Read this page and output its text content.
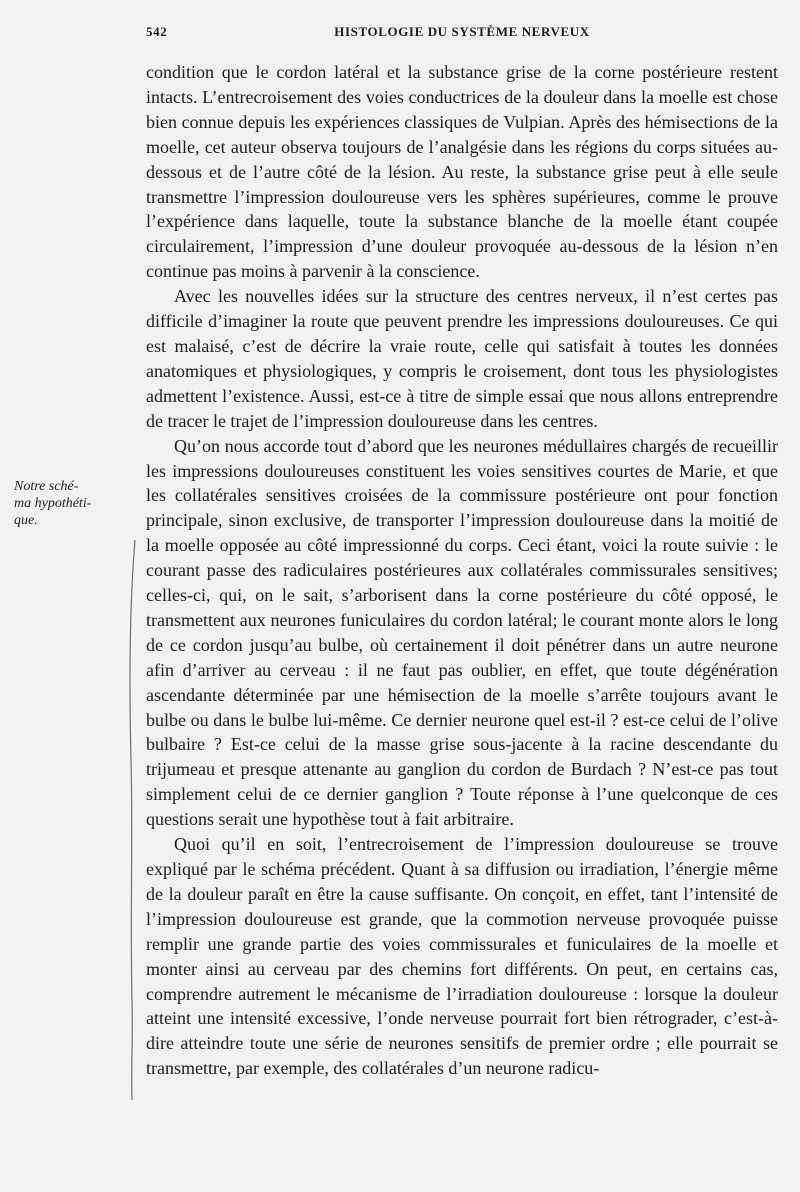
542	HISTOLOGIE DU SYSTÈME NERVEUX
Notre sché-
ma hypothéti-
que.

condition que le cordon latéral et la substance grise de la corne postérieure restent intacts. L’entrecroisement des voies conductrices de la douleur dans la moelle est chose bien connue depuis les expériences classiques de Vulpian. Après des hémisections de la moelle, cet auteur observa toujours de l’analgésie dans les régions du corps situées au-dessous et de l’autre côté de la lésion. Au reste, la substance grise peut à elle seule transmettre l’impression douloureuse vers les sphères supérieures, comme le prouve l’expérience dans laquelle, toute la substance blanche de la moelle étant coupée circulairement, l’impression d’une douleur provoquée au-dessous de la lésion n’en continue pas moins à parvenir à la conscience.

Avec les nouvelles idées sur la structure des centres nerveux, il n’est certes pas difficile d’imaginer la route que peuvent prendre les impressions douloureuses. Ce qui est malaisé, c’est de décrire la vraie route, celle qui satisfait à toutes les données anatomiques et physiologiques, y compris le croisement, dont tous les physiologistes admettent l’existence. Aussi, est-ce à titre de simple essai que nous allons entreprendre de tracer le trajet de l’impression douloureuse dans les centres.

Qu’on nous accorde tout d’abord que les neurones médullaires chargés de recueillir les impressions douloureuses constituent les voies sensitives courtes de Marie, et que les collatérales sensitives croisées de la commissure postérieure ont pour fonction principale, sinon exclusive, de transporter l’impression douloureuse dans la moitié de la moelle opposée au côté impressionné du corps. Ceci étant, voici la route suivie : le courant passe des radiculaires postérieures aux collatérales commissurales sensitives; celles-ci, qui, on le sait, s’arborisent dans la corne postérieure du côté opposé, le transmettent aux neurones funiculaires du cordon latéral; le courant monte alors le long de ce cordon jusqu’au bulbe, où certainement il doit pénétrer dans un autre neurone afin d’arriver au cerveau : il ne faut pas oublier, en effet, que toute dégénération ascendante déterminée par une hémisection de la moelle s’arrête toujours avant le bulbe ou dans le bulbe lui-même. Ce dernier neurone quel est-il ? est-ce celui de l’olive bulbaire ? Est-ce celui de la masse grise sous-jacente à la racine descendante du trijumeau et presque attenante au ganglion du cordon de Burdach ? N’est-ce pas tout simplement celui de ce dernier ganglion ? Toute réponse à l’une quelconque de ces questions serait une hypothèse tout à fait arbitraire.

Quoi qu’il en soit, l’entrecroisement de l’impression douloureuse se trouve expliqué par le schéma précédent. Quant à sa diffusion ou irradiation, l’énergie même de la douleur paraît en être la cause suffisante. On conçoit, en effet, tant l’intensité de l’impression douloureuse est grande, que la commotion nerveuse provoquée puisse remplir une grande partie des voies commissurales et funiculaires de la moelle et monter ainsi au cerveau par des chemins fort différents. On peut, en certains cas, comprendre autrement le mécanisme de l’irradiation douloureuse : lorsque la douleur atteint une intensité excessive, l’onde nerveuse pourrait fort bien rétrograder, c’est-à-dire atteindre toute une série de neurones sensitifs de premier ordre ; elle pourrait se transmettre, par exemple, des collatérales d’un neurone radicu-
